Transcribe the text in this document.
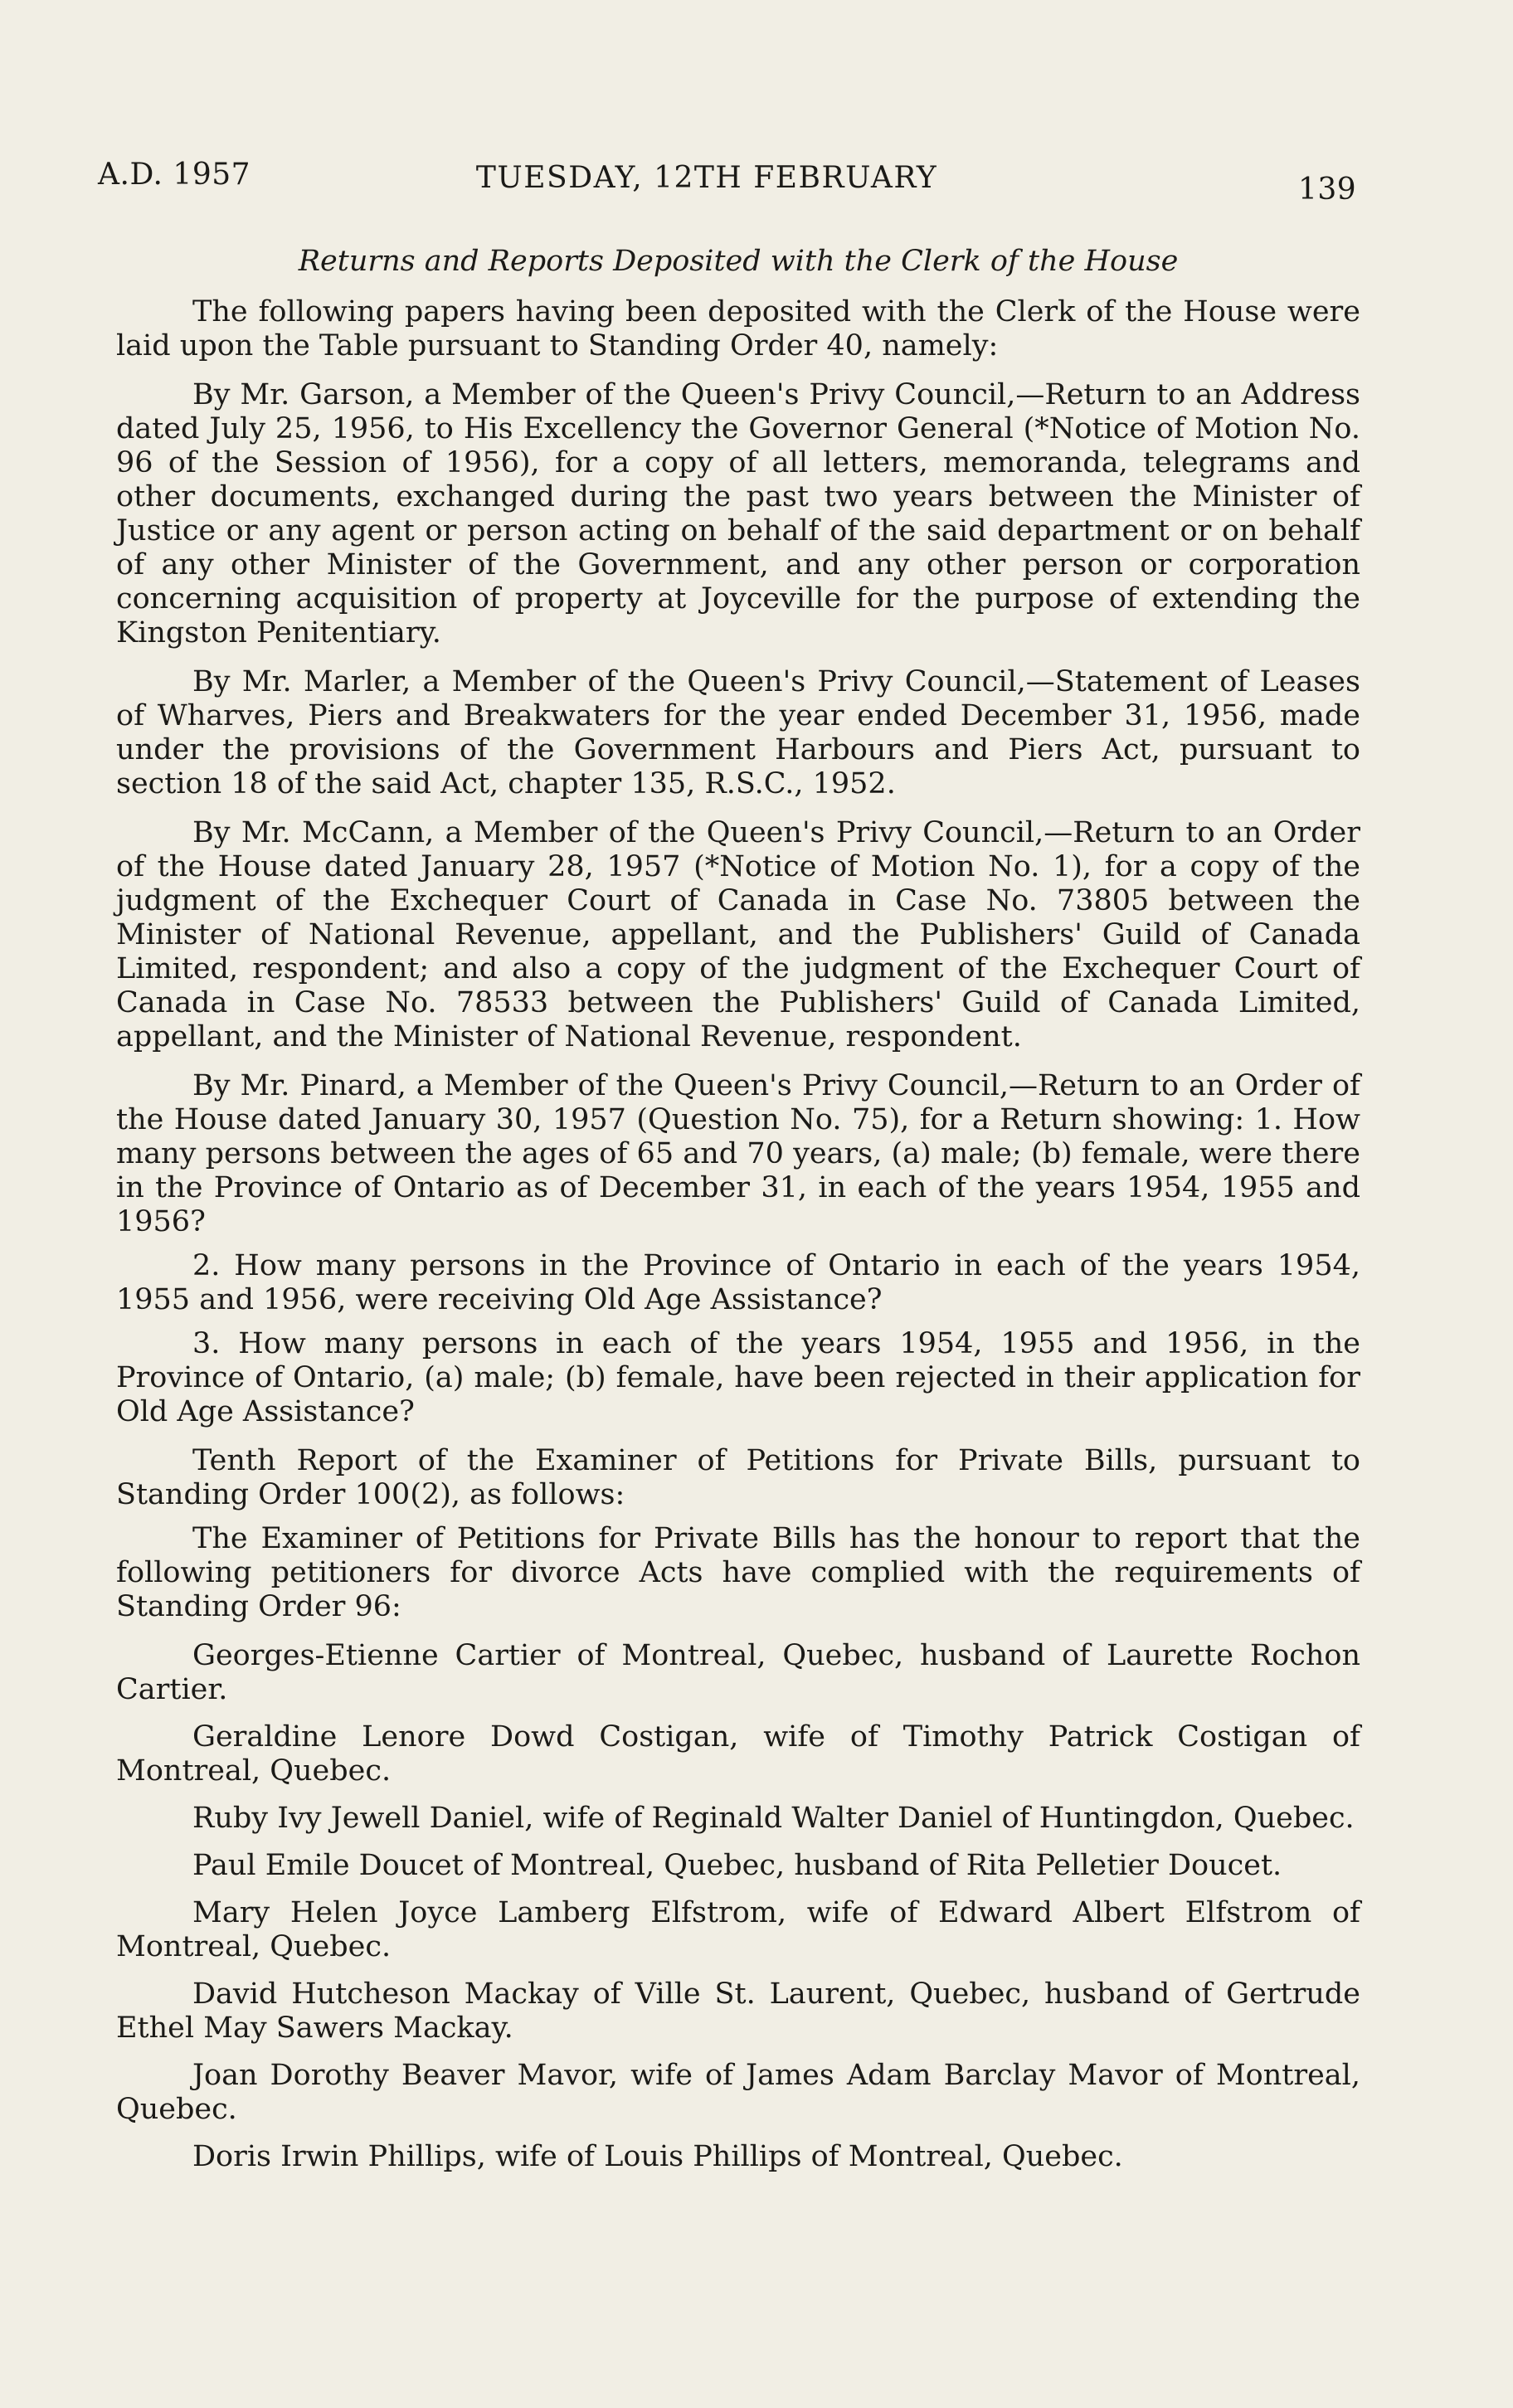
A.D. 1957	TUESDAY, 12TH FEBRUARY	139
Returns and Reports Deposited with the Clerk of the House

The following papers having been deposited with the Clerk of the House were laid upon the Table pursuant to Standing Order 40, namely:

By Mr. Garson, a Member of the Queen's Privy Council,—Return to an Address dated July 25, 1956, to His Excellency the Governor General (*Notice of Motion No. 96 of the Session of 1956), for a copy of all letters, memoranda, telegrams and other documents, exchanged during the past two years between the Minister of Justice or any agent or person acting on behalf of the said department or on behalf of any other Minister of the Government, and any other person or corporation concerning acquisition of property at Joyceville for the purpose of extending the Kingston Penitentiary.

By Mr. Marler, a Member of the Queen's Privy Council,—Statement of Leases of Wharves, Piers and Breakwaters for the year ended December 31, 1956, made under the provisions of the Government Harbours and Piers Act, pursuant to section 18 of the said Act, chapter 135, R.S.C., 1952.

By Mr. McCann, a Member of the Queen's Privy Council,—Return to an Order of the House dated January 28, 1957 (*Notice of Motion No. 1), for a copy of the judgment of the Exchequer Court of Canada in Case No. 73805 between the Minister of National Revenue, appellant, and the Publishers' Guild of Canada Limited, respondent; and also a copy of the judgment of the Exchequer Court of Canada in Case No. 78533 between the Publishers' Guild of Canada Limited, appellant, and the Minister of National Revenue, respondent.

By Mr. Pinard, a Member of the Queen's Privy Council,—Return to an Order of the House dated January 30, 1957 (Question No. 75), for a Return showing: 1. How many persons between the ages of 65 and 70 years, (a) male; (b) female, were there in the Province of Ontario as of December 31, in each of the years 1954, 1955 and 1956?

2. How many persons in the Province of Ontario in each of the years 1954, 1955 and 1956, were receiving Old Age Assistance?

3. How many persons in each of the years 1954, 1955 and 1956, in the Province of Ontario, (a) male; (b) female, have been rejected in their application for Old Age Assistance?

Tenth Report of the Examiner of Petitions for Private Bills, pursuant to Standing Order 100(2), as follows:

The Examiner of Petitions for Private Bills has the honour to report that the following petitioners for divorce Acts have complied with the requirements of Standing Order 96:

Georges-Etienne Cartier of Montreal, Quebec, husband of Laurette Rochon Cartier.

Geraldine Lenore Dowd Costigan, wife of Timothy Patrick Costigan of Montreal, Quebec.

Ruby Ivy Jewell Daniel, wife of Reginald Walter Daniel of Huntingdon, Quebec.

Paul Emile Doucet of Montreal, Quebec, husband of Rita Pelletier Doucet.

Mary Helen Joyce Lamberg Elfstrom, wife of Edward Albert Elfstrom of Montreal, Quebec.

David Hutcheson Mackay of Ville St. Laurent, Quebec, husband of Gertrude Ethel May Sawers Mackay.

Joan Dorothy Beaver Mavor, wife of James Adam Barclay Mavor of Montreal, Quebec.

Doris Irwin Phillips, wife of Louis Phillips of Montreal, Quebec.
